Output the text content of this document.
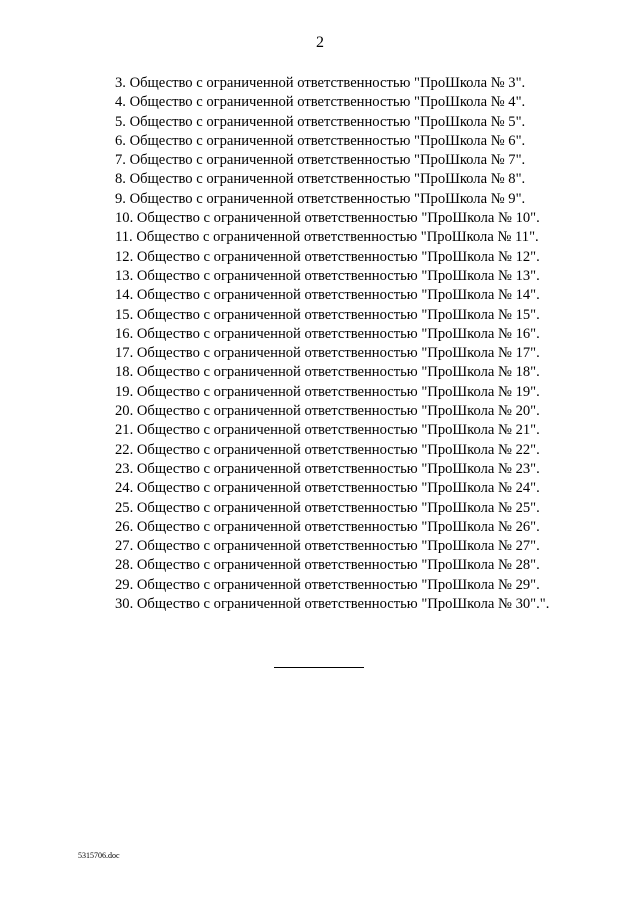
2
3. Общество с ограниченной ответственностью "ПроШкола № 3".
4. Общество с ограниченной ответственностью "ПроШкола № 4".
5. Общество с ограниченной ответственностью "ПроШкола № 5".
6. Общество с ограниченной ответственностью "ПроШкола № 6".
7. Общество с ограниченной ответственностью "ПроШкола № 7".
8. Общество с ограниченной ответственностью "ПроШкола № 8".
9. Общество с ограниченной ответственностью "ПроШкола № 9".
10. Общество с ограниченной ответственностью "ПроШкола № 10".
11. Общество с ограниченной ответственностью "ПроШкола № 11".
12. Общество с ограниченной ответственностью "ПроШкола № 12".
13. Общество с ограниченной ответственностью "ПроШкола № 13".
14. Общество с ограниченной ответственностью "ПроШкола № 14".
15. Общество с ограниченной ответственностью "ПроШкола № 15".
16. Общество с ограниченной ответственностью "ПроШкола № 16".
17. Общество с ограниченной ответственностью "ПроШкола № 17".
18. Общество с ограниченной ответственностью "ПроШкола № 18".
19. Общество с ограниченной ответственностью "ПроШкола № 19".
20. Общество с ограниченной ответственностью "ПроШкола № 20".
21. Общество с ограниченной ответственностью "ПроШкола № 21".
22. Общество с ограниченной ответственностью "ПроШкола № 22".
23. Общество с ограниченной ответственностью "ПроШкола № 23".
24. Общество с ограниченной ответственностью "ПроШкола № 24".
25. Общество с ограниченной ответственностью "ПроШкола № 25".
26. Общество с ограниченной ответственностью "ПроШкола № 26".
27. Общество с ограниченной ответственностью "ПроШкола № 27".
28. Общество с ограниченной ответственностью "ПроШкола № 28".
29. Общество с ограниченной ответственностью "ПроШкола № 29".
30. Общество с ограниченной ответственностью "ПроШкола № 30".".
5315706.doc
